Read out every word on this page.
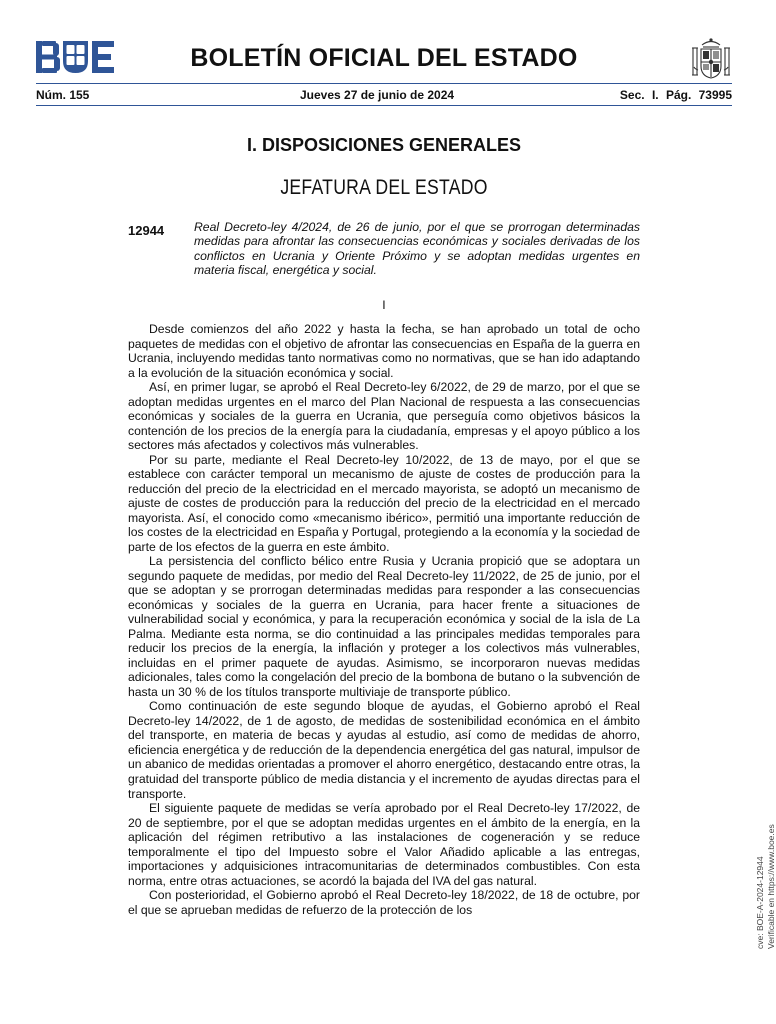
BOLETÍN OFICIAL DEL ESTADO
Núm. 155	Jueves 27 de junio de 2024	Sec. I. Pág. 73995
I. DISPOSICIONES GENERALES
JEFATURA DEL ESTADO
12944 Real Decreto-ley 4/2024, de 26 de junio, por el que se prorrogan determinadas medidas para afrontar las consecuencias económicas y sociales derivadas de los conflictos en Ucrania y Oriente Próximo y se adoptan medidas urgentes en materia fiscal, energética y social.

I

Desde comienzos del año 2022 y hasta la fecha, se han aprobado un total de ocho paquetes de medidas con el objetivo de afrontar las consecuencias en España de la guerra en Ucrania, incluyendo medidas tanto normativas como no normativas, que se han ido adaptando a la evolución de la situación económica y social.

Así, en primer lugar, se aprobó el Real Decreto-ley 6/2022, de 29 de marzo, por el que se adoptan medidas urgentes en el marco del Plan Nacional de respuesta a las consecuencias económicas y sociales de la guerra en Ucrania, que perseguía como objetivos básicos la contención de los precios de la energía para la ciudadanía, empresas y el apoyo público a los sectores más afectados y colectivos más vulnerables.

Por su parte, mediante el Real Decreto-ley 10/2022, de 13 de mayo, por el que se establece con carácter temporal un mecanismo de ajuste de costes de producción para la reducción del precio de la electricidad en el mercado mayorista, se adoptó un mecanismo de ajuste de costes de producción para la reducción del precio de la electricidad en el mercado mayorista. Así, el conocido como «mecanismo ibérico», permitió una importante reducción de los costes de la electricidad en España y Portugal, protegiendo a la economía y la sociedad de parte de los efectos de la guerra en este ámbito.

La persistencia del conflicto bélico entre Rusia y Ucrania propició que se adoptara un segundo paquete de medidas, por medio del Real Decreto-ley 11/2022, de 25 de junio, por el que se adoptan y se prorrogan determinadas medidas para responder a las consecuencias económicas y sociales de la guerra en Ucrania, para hacer frente a situaciones de vulnerabilidad social y económica, y para la recuperación económica y social de la isla de La Palma. Mediante esta norma, se dio continuidad a las principales medidas temporales para reducir los precios de la energía, la inflación y proteger a los colectivos más vulnerables, incluidas en el primer paquete de ayudas. Asimismo, se incorporaron nuevas medidas adicionales, tales como la congelación del precio de la bombona de butano o la subvención de hasta un 30 % de los títulos transporte multiviaje de transporte público.

Como continuación de este segundo bloque de ayudas, el Gobierno aprobó el Real Decreto-ley 14/2022, de 1 de agosto, de medidas de sostenibilidad económica en el ámbito del transporte, en materia de becas y ayudas al estudio, así como de medidas de ahorro, eficiencia energética y de reducción de la dependencia energética del gas natural, impulsor de un abanico de medidas orientadas a promover el ahorro energético, destacando entre otras, la gratuidad del transporte público de media distancia y el incremento de ayudas directas para el transporte.

El siguiente paquete de medidas se vería aprobado por el Real Decreto-ley 17/2022, de 20 de septiembre, por el que se adoptan medidas urgentes en el ámbito de la energía, en la aplicación del régimen retributivo a las instalaciones de cogeneración y se reduce temporalmente el tipo del Impuesto sobre el Valor Añadido aplicable a las entregas, importaciones y adquisiciones intracomunitarias de determinados combustibles. Con esta norma, entre otras actuaciones, se acordó la bajada del IVA del gas natural.

Con posterioridad, el Gobierno aprobó el Real Decreto-ley 18/2022, de 18 de octubre, por el que se aprueban medidas de refuerzo de la protección de los	cve: BOE-A-2024-12944 Verificable en https://www.boe.es
